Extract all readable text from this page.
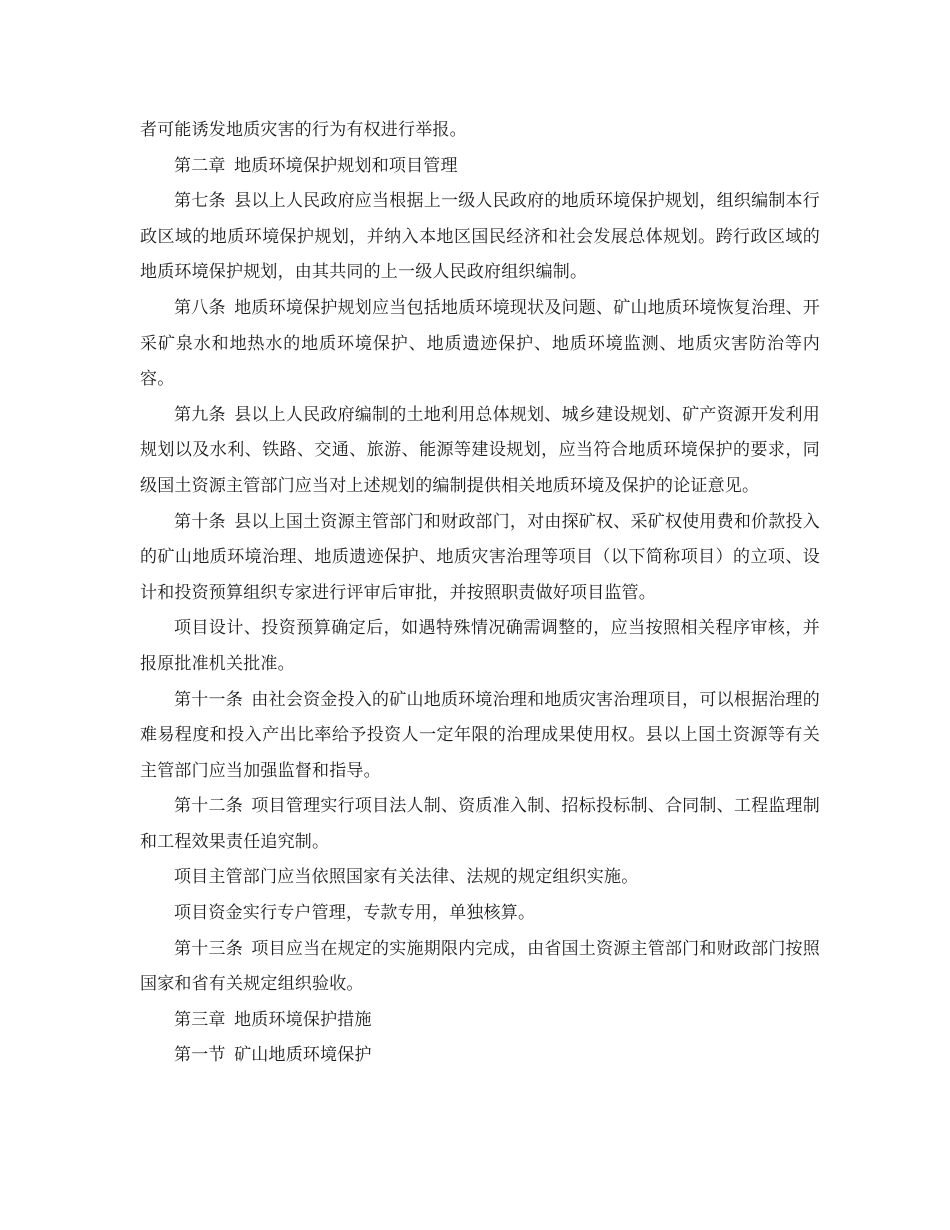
者可能诱发地质灾害的行为有权进行举报。

第二章 地质环境保护规划和项目管理

第七条 县以上人民政府应当根据上一级人民政府的地质环境保护规划，组织编制本行政区域的地质环境保护规划，并纳入本地区国民经济和社会发展总体规划。跨行政区域的地质环境保护规划，由其共同的上一级人民政府组织编制。

第八条 地质环境保护规划应当包括地质环境现状及问题、矿山地质环境恢复治理、开采矿泉水和地热水的地质环境保护、地质遗迹保护、地质环境监测、地质灾害防治等内容。

第九条 县以上人民政府编制的土地利用总体规划、城乡建设规划、矿产资源开发利用规划以及水利、铁路、交通、旅游、能源等建设规划，应当符合地质环境保护的要求，同级国土资源主管部门应当对上述规划的编制提供相关地质环境及保护的论证意见。

第十条 县以上国土资源主管部门和财政部门，对由探矿权、采矿权使用费和价款投入的矿山地质环境治理、地质遗迹保护、地质灾害治理等项目（以下简称项目）的立项、设计和投资预算组织专家进行评审后审批，并按照职责做好项目监管。

项目设计、投资预算确定后，如遇特殊情况确需调整的，应当按照相关程序审核，并报原批准机关批准。

第十一条 由社会资金投入的矿山地质环境治理和地质灾害治理项目，可以根据治理的难易程度和投入产出比率给予投资人一定年限的治理成果使用权。县以上国土资源等有关主管部门应当加强监督和指导。

第十二条 项目管理实行项目法人制、资质准入制、招标投标制、合同制、工程监理制和工程效果责任追究制。

项目主管部门应当依照国家有关法律、法规的规定组织实施。

项目资金实行专户管理，专款专用，单独核算。

第十三条 项目应当在规定的实施期限内完成，由省国土资源主管部门和财政部门按照国家和省有关规定组织验收。

第三章 地质环境保护措施

第一节 矿山地质环境保护
